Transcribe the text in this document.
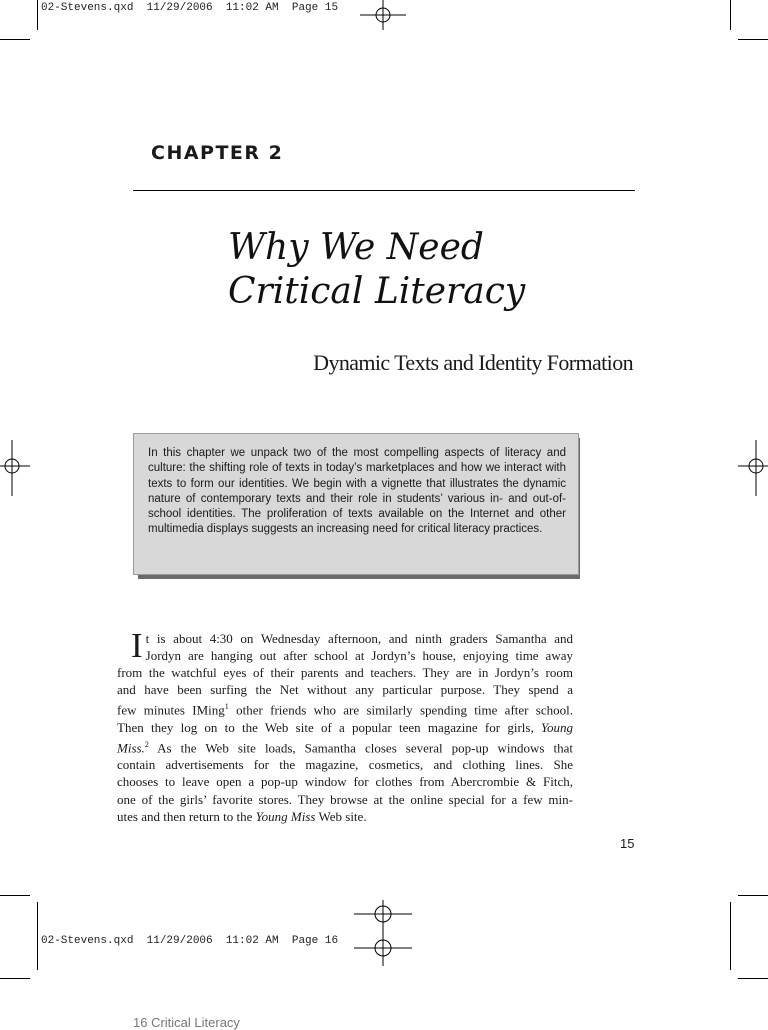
02-Stevens.qxd  11/29/2006  11:02 AM  Page 15
CHAPTER 2
Why We Need
Critical Literacy
Dynamic Texts and Identity Formation

In this chapter we unpack two of the most compelling aspects of literacy and culture: the shifting role of texts in today’s marketplaces and how we interact with texts to form our identities. We begin with a vignette that illustrates the dynamic nature of contemporary texts and their role in students’ various in- and out-of-school identities. The proliferation of texts available on the Internet and other multimedia displays suggests an increasing need for critical literacy practices.

I t is about 4:30 on Wednesday afternoon, and ninth graders Samantha and
Jordyn are hanging out after school at Jordyn’s house, enjoying time away
from the watchful eyes of their parents and teachers. They are in Jordyn’s room
and have been surfing the Net without any particular purpose. They spend a
few minutes IMing$^1$ other friends who are similarly spending time after school.
Then they log on to the Web site of a popular teen magazine for girls, Young
Miss.$^2$ As the Web site loads, Samantha closes several pop-up windows that
contain advertisements for the magazine, cosmetics, and clothing lines. She
chooses to leave open a pop-up window for clothes from Abercrombie & Fitch,
one of the girls’ favorite stores. They browse at the online special for a few min-
utes and then return to the Young Miss Web site.
15
02-Stevens.qxd  11/29/2006  11:02 AM  Page 16
16 Critical Literacy
